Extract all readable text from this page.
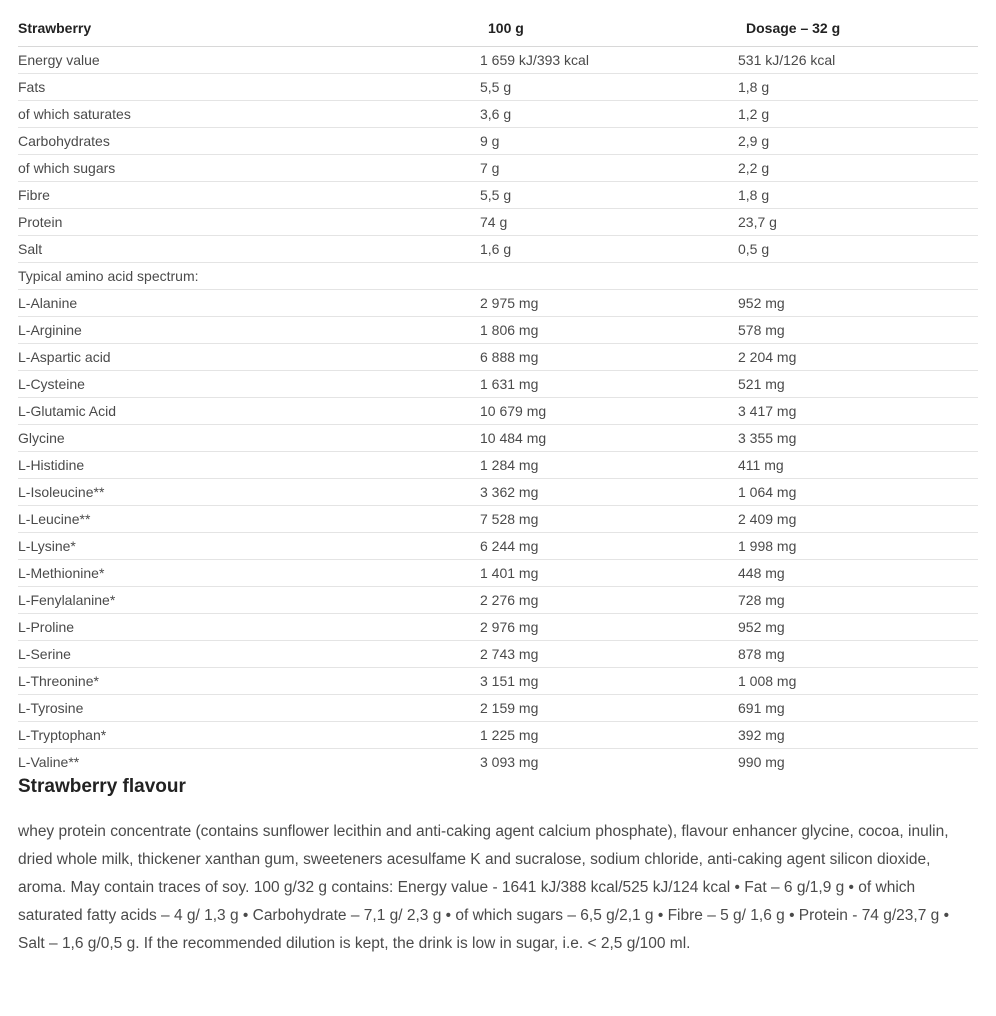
Strawberry	100 g	Dosage – 32 g
Energy value	1 659 kJ/393 kcal	531 kJ/126 kcal
Fats	5,5 g	1,8 g
of which saturates	3,6 g	1,2 g
Carbohydrates	9 g	2,9 g
of which sugars	7 g	2,2 g
Fibre	5,5 g	1,8 g
Protein	74 g	23,7 g
Salt	1,6 g	0,5 g
Typical amino acid spectrum:		
L-Alanine	2 975 mg	952 mg
L-Arginine	1 806 mg	578 mg
L-Aspartic acid	6 888 mg	2 204 mg
L-Cysteine	1 631 mg	521 mg
L-Glutamic Acid	10 679 mg	3 417 mg
Glycine	10 484 mg	3 355 mg
L-Histidine	1 284 mg	411 mg
L-Isoleucine**	3 362 mg	1 064 mg
L-Leucine**	7 528 mg	2 409 mg
L-Lysine*	6 244 mg	1 998 mg
L-Methionine*	1 401 mg	448 mg
L-Fenylalanine*	2 276 mg	728 mg
L-Proline	2 976 mg	952 mg
L-Serine	2 743 mg	878 mg
L-Threonine*	3 151 mg	1 008 mg
L-Tyrosine	2 159 mg	691 mg
L-Tryptophan*	1 225 mg	392 mg
L-Valine**	3 093 mg	990 mg
Strawberry flavour

whey protein concentrate (contains sunflower lecithin and anti-caking agent calcium phosphate), flavour enhancer glycine, cocoa, inulin, dried whole milk, thickener xanthan gum, sweeteners acesulfame K and sucralose, sodium chloride, anti-caking agent silicon dioxide, aroma. May contain traces of soy. 100 g/32 g contains: Energy value - 1641 kJ/388 kcal/525 kJ/124 kcal • Fat – 6 g/1,9 g • of which saturated fatty acids – 4 g/ 1,3 g • Carbohydrate – 7,1 g/ 2,3 g • of which sugars – 6,5 g/2,1 g • Fibre – 5 g/ 1,6 g • Protein - 74 g/23,7 g • Salt – 1,6 g/0,5 g. If the recommended dilution is kept, the drink is low in sugar, i.e. < 2,5 g/100 ml.
